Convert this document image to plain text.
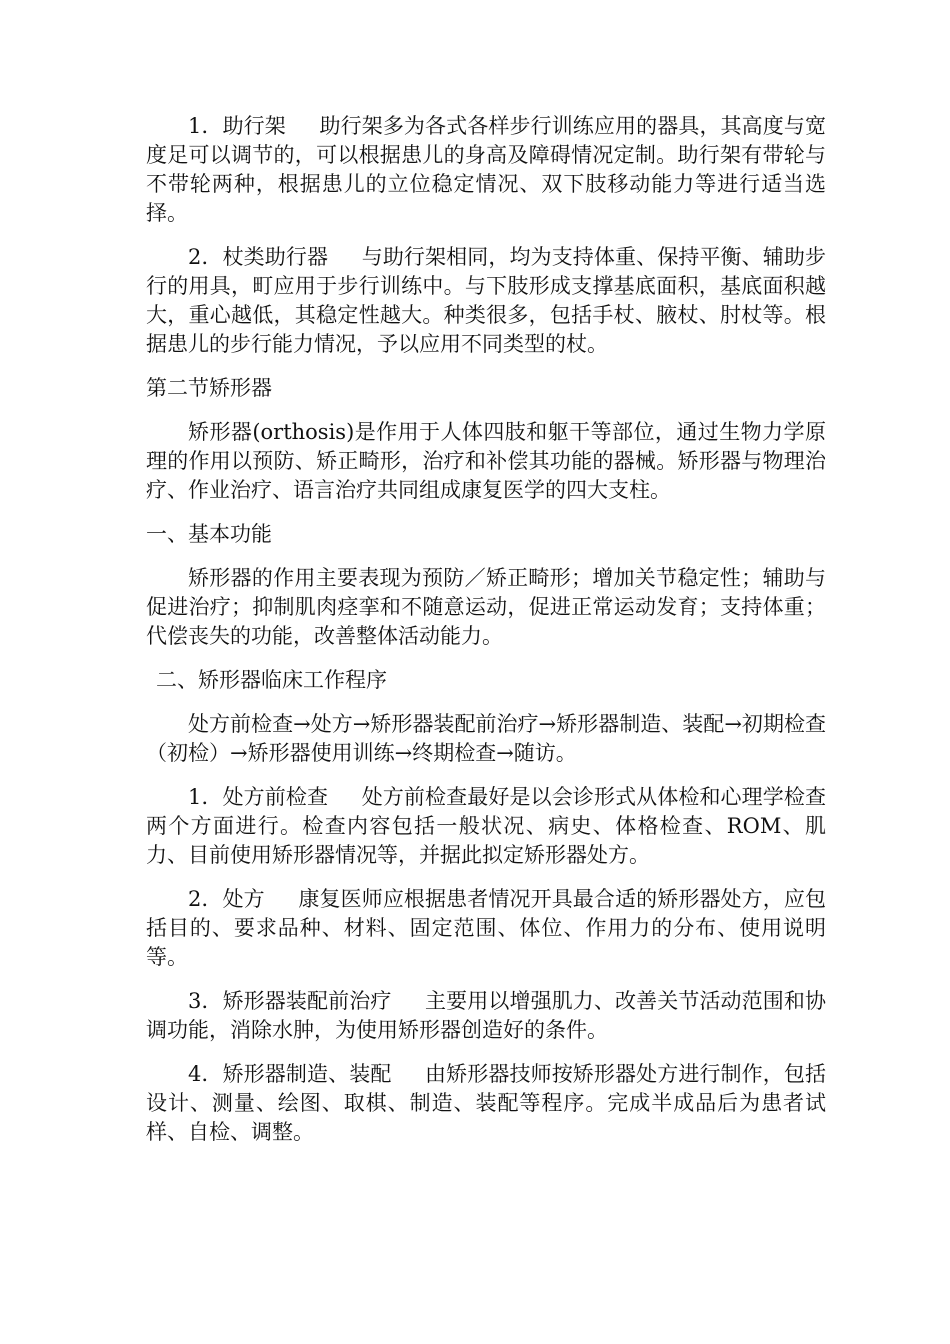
1．助行架 助行架多为各式各样步行训练应用的器具，其高度与宽度足可以调节的，可以根据患儿的身高及障碍情况定制。助行架有带轮与不带轮两种，根据患儿的立位稳定情况、双下肢移动能力等进行适当选择。

2．杖类助行器 与助行架相同，均为支持体重、保持平衡、辅助步行的用具，町应用于步行训练中。与下肢形成支撑基底面积，基底面积越大，重心越低，其稳定性越大。种类很多，包括手杖、腋杖、肘杖等。根据患儿的步行能力情况，予以应用不同类型的杖。

第二节矫形器

矫形器(orthosis)是作用于人体四肢和躯干等部位，通过生物力学原理的作用以预防、矫正畸形，治疗和补偿其功能的器械。矫形器与物理治疗、作业治疗、语言治疗共同组成康复医学的四大支柱。

一、基本功能

矫形器的作用主要表现为预防／矫正畸形；增加关节稳定性；辅助与促进治疗；抑制肌肉痉挛和不随意运动，促进正常运动发育；支持体重；代偿丧失的功能，改善整体活动能力。

二、矫形器临床工作程序

处方前检查→处方→矫形器装配前治疗→矫形器制造、装配→初期检查（初检）→矫形器使用训练→终期检查→随访。

1．处方前检查 处方前检查最好是以会诊形式从体检和心理学检查两个方面进行。检查内容包括一般状况、病史、体格检查、ROM、肌力、目前使用矫形器情况等，并据此拟定矫形器处方。

2．处方 康复医师应根据患者情况开具最合适的矫形器处方，应包括目的、要求品种、材料、固定范围、体位、作用力的分布、使用说明等。

3．矫形器装配前治疗 主要用以增强肌力、改善关节活动范围和协调功能，消除水肿，为使用矫形器创造好的条件。

4．矫形器制造、装配 由矫形器技师按矫形器处方进行制作，包括设计、测量、绘图、取棋、制造、装配等程序。完成半成品后为患者试样、自检、调整。
